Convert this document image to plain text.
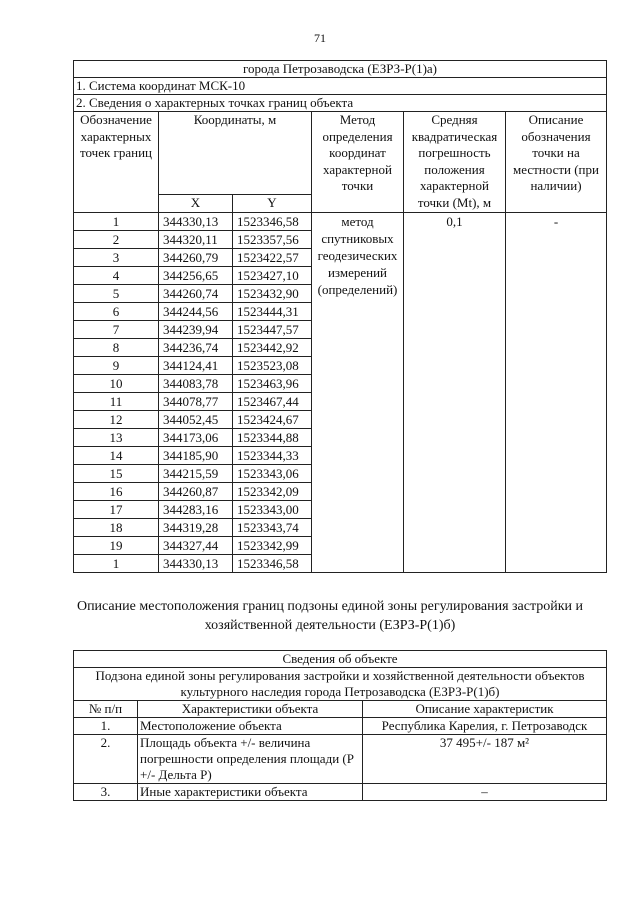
71
города Петрозаводска (ЕЗРЗ-Р(1)а)					
1. Система координат МСК-10					
2. Сведения о характерных точках границ объекта					
Обозначение характерных точек границ	Координаты, м		Метод определения координат характерной точки	Средняя квадратическая погрешность положения характерной точки (Mt), м	Описание обозначения точки на местности (при наличии)
	X	Y			
1	344330,13	1523346,58	метод спутниковых геодезических измерений (определений)	0,1	-
2	344320,11	1523357,56			
3	344260,79	1523422,57			
4	344256,65	1523427,10			
5	344260,74	1523432,90			
6	344244,56	1523444,31			
7	344239,94	1523447,57			
8	344236,74	1523442,92			
9	344124,41	1523523,08			
10	344083,78	1523463,96			
11	344078,77	1523467,44			
12	344052,45	1523424,67			
13	344173,06	1523344,88			
14	344185,90	1523344,33			
15	344215,59	1523343,06			
16	344260,87	1523342,09			
17	344283,16	1523343,00			
18	344319,28	1523343,74			
19	344327,44	1523342,99			
1	344330,13	1523346,58			
Описание местоположения границ подзоны единой зоны регулирования застройки и хозяйственной деятельности (ЕЗРЗ-Р(1)б)
Сведения об объекте		
Подзона единой зоны регулирования застройки и хозяйственной деятельности объектов культурного наследия города Петрозаводска (ЕЗРЗ-Р(1)б)		
№ п/п	Характеристики объекта	Описание характеристик
1.	Местоположение объекта	Республика Карелия, г. Петрозаводск
2.	Площадь объекта +/- величина погрешности определения площади (P +/- Дельта P)	37 495+/- 187 м²
3.	Иные характеристики объекта	–
